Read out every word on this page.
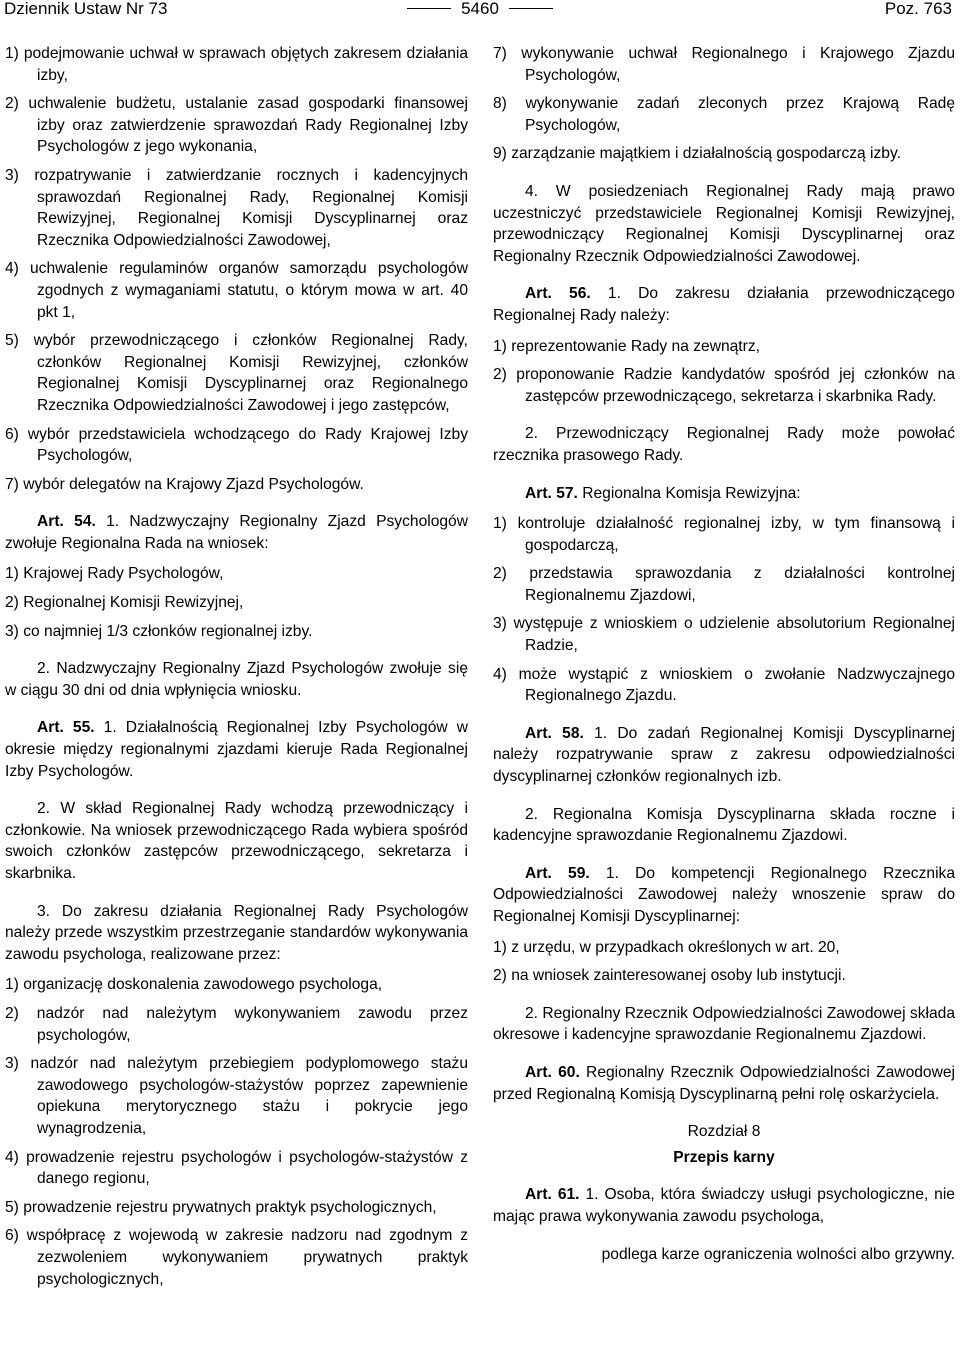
Dziennik Ustaw Nr 73	5460	Poz. 763

1) podejmowanie uchwał w sprawach objętych zakresem działania izby,

2) uchwalenie budżetu, ustalanie zasad gospodarki finansowej izby oraz zatwierdzenie sprawozdań Rady Regionalnej Izby Psychologów z jego wykonania,

3) rozpatrywanie i zatwierdzanie rocznych i kadencyjnych sprawozdań Regionalnej Rady, Regionalnej Komisji Rewizyjnej, Regionalnej Komisji Dyscyplinarnej oraz Rzecznika Odpowiedzialności Zawodowej,

4) uchwalenie regulaminów organów samorządu psychologów zgodnych z wymaganiami statutu, o którym mowa w art. 40 pkt 1,

5) wybór przewodniczącego i członków Regionalnej Rady, członków Regionalnej Komisji Rewizyjnej, członków Regionalnej Komisji Dyscyplinarnej oraz Regionalnego Rzecznika Odpowiedzialności Zawodowej i jego zastępców,

6) wybór przedstawiciela wchodzącego do Rady Krajowej Izby Psychologów,

7) wybór delegatów na Krajowy Zjazd Psychologów.

Art. 54. 1. Nadzwyczajny Regionalny Zjazd Psychologów zwołuje Regionalna Rada na wniosek:

1) Krajowej Rady Psychologów,

2) Regionalnej Komisji Rewizyjnej,

3) co najmniej 1/3 członków regionalnej izby.

2. Nadzwyczajny Regionalny Zjazd Psychologów zwołuje się w ciągu 30 dni od dnia wpłynięcia wniosku.

Art. 55. 1. Działalnością Regionalnej Izby Psychologów w okresie między regionalnymi zjazdami kieruje Rada Regionalnej Izby Psychologów.

2. W skład Regionalnej Rady wchodzą przewodniczący i członkowie. Na wniosek przewodniczącego Rada wybiera spośród swoich członków zastępców przewodniczącego, sekretarza i skarbnika.

3. Do zakresu działania Regionalnej Rady Psychologów należy przede wszystkim przestrzeganie standardów wykonywania zawodu psychologa, realizowane przez:

1) organizację doskonalenia zawodowego psychologa,

2) nadzór nad należytym wykonywaniem zawodu przez psychologów,

3) nadzór nad należytym przebiegiem podyplomowego stażu zawodowego psychologów-stażystów poprzez zapewnienie opiekuna merytorycznego stażu i pokrycie jego wynagrodzenia,

4) prowadzenie rejestru psychologów i psychologów-stażystów z danego regionu,

5) prowadzenie rejestru prywatnych praktyk psychologicznych,

6) współpracę z wojewodą w zakresie nadzoru nad zgodnym z zezwoleniem wykonywaniem prywatnych praktyk psychologicznych,

7) wykonywanie uchwał Regionalnego i Krajowego Zjazdu Psychologów,

8) wykonywanie zadań zleconych przez Krajową Radę Psychologów,

9) zarządzanie majątkiem i działalnością gospodarczą izby.

4. W posiedzeniach Regionalnej Rady mają prawo uczestniczyć przedstawiciele Regionalnej Komisji Rewizyjnej, przewodniczący Regionalnej Komisji Dyscyplinarnej oraz Regionalny Rzecznik Odpowiedzialności Zawodowej.

Art. 56. 1. Do zakresu działania przewodniczącego Regionalnej Rady należy:

1) reprezentowanie Rady na zewnątrz,

2) proponowanie Radzie kandydatów spośród jej członków na zastępców przewodniczącego, sekretarza i skarbnika Rady.

2. Przewodniczący Regionalnej Rady może powołać rzecznika prasowego Rady.

Art. 57. Regionalna Komisja Rewizyjna:

1) kontroluje działalność regionalnej izby, w tym finansową i gospodarczą,

2) przedstawia sprawozdania z działalności kontrolnej Regionalnemu Zjazdowi,

3) występuje z wnioskiem o udzielenie absolutorium Regionalnej Radzie,

4) może wystąpić z wnioskiem o zwołanie Nadzwyczajnego Regionalnego Zjazdu.

Art. 58. 1. Do zadań Regionalnej Komisji Dyscyplinarnej należy rozpatrywanie spraw z zakresu odpowiedzialności dyscyplinarnej członków regionalnych izb.

2. Regionalna Komisja Dyscyplinarna składa roczne i kadencyjne sprawozdanie Regionalnemu Zjazdowi.

Art. 59. 1. Do kompetencji Regionalnego Rzecznika Odpowiedzialności Zawodowej należy wnoszenie spraw do Regionalnej Komisji Dyscyplinarnej:

1) z urzędu, w przypadkach określonych w art. 20,

2) na wniosek zainteresowanej osoby lub instytucji.

2. Regionalny Rzecznik Odpowiedzialności Zawodowej składa okresowe i kadencyjne sprawozdanie Regionalnemu Zjazdowi.

Art. 60. Regionalny Rzecznik Odpowiedzialności Zawodowej przed Regionalną Komisją Dyscyplinarną pełni rolę oskarżyciela.

Rozdział 8

Przepis karny

Art. 61. 1. Osoba, która świadczy usługi psychologiczne, nie mając prawa wykonywania zawodu psychologa,

podlega karze ograniczenia wolności albo grzywny.
